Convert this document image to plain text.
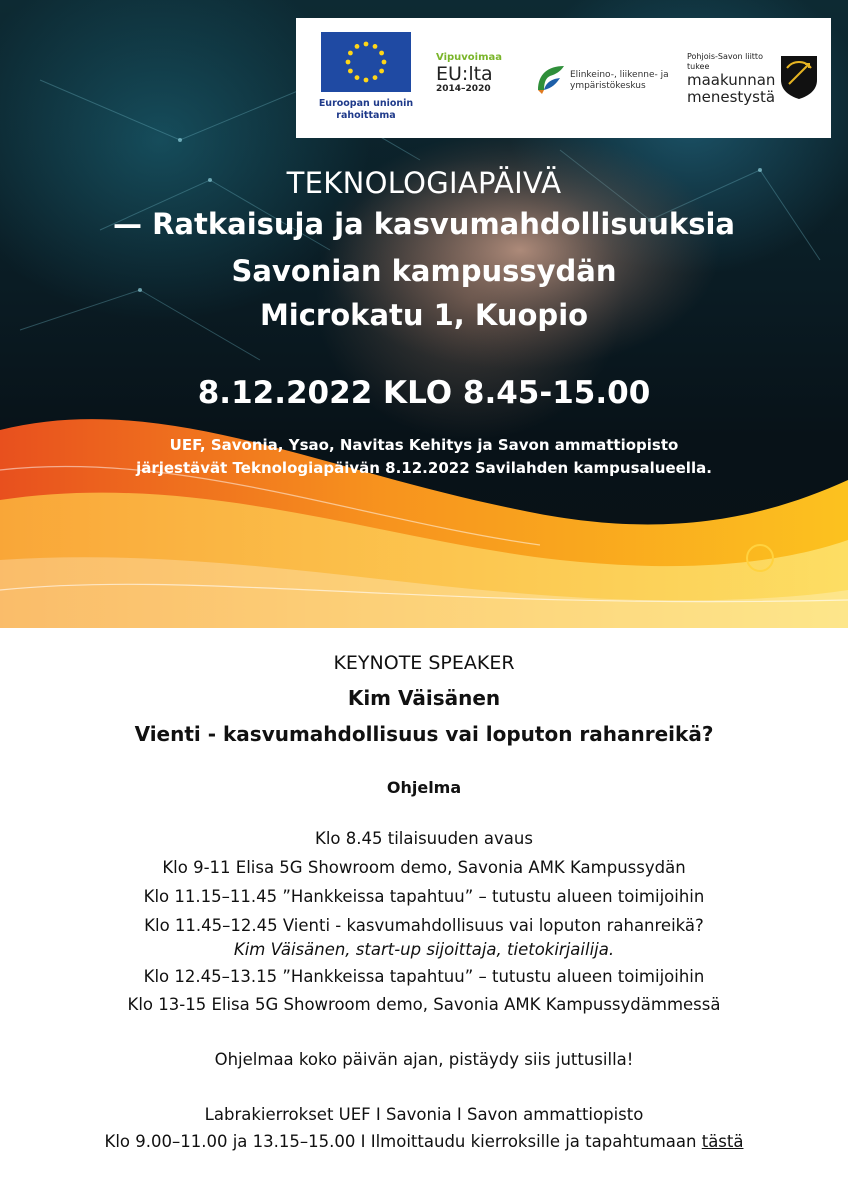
Euroopan unionin
rahoittama
Vipuvoimaa
EU:lta
2014–2020
Elinkeino-, liikenne- ja
ympäristökeskus
Pohjois-Savon liitto tukee
maakunnan
menestystä
TEKNOLOGIAPÄIVÄ
— Ratkaisuja ja kasvumahdollisuuksia
Savonian kampussydän
Microkatu 1, Kuopio
8.12.2022 KLO 8.45-15.00
UEF, Savonia, Ysao, Navitas Kehitys ja Savon ammattiopisto
järjestävät Teknologiapäivän 8.12.2022 Savilahden kampusalueella.
KEYNOTE SPEAKER
Kim Väisänen
Vienti - kasvumahdollisuus vai loputon rahanreikä?
Ohjelma
Klo 8.45 tilaisuuden avaus
Klo 9-11 Elisa 5G Showroom demo, Savonia AMK Kampussydän
Klo 11.15–11.45 ”Hankkeissa tapahtuu” – tutustu alueen toimijoihin
Klo 11.45–12.45 Vienti - kasvumahdollisuus vai loputon rahanreikä?
Kim Väisänen, start-up sijoittaja, tietokirjailija.
Klo 12.45–13.15 ”Hankkeissa tapahtuu” – tutustu alueen toimijoihin
Klo 13-15 Elisa 5G Showroom demo, Savonia AMK Kampussydämmessä
Ohjelmaa koko päivän ajan, pistäydy siis juttusilla!
Labrakierrokset UEF I Savonia I Savon ammattiopisto
Klo 9.00–11.00 ja 13.15–15.00 I Ilmoittaudu kierroksille ja tapahtumaan tästä
